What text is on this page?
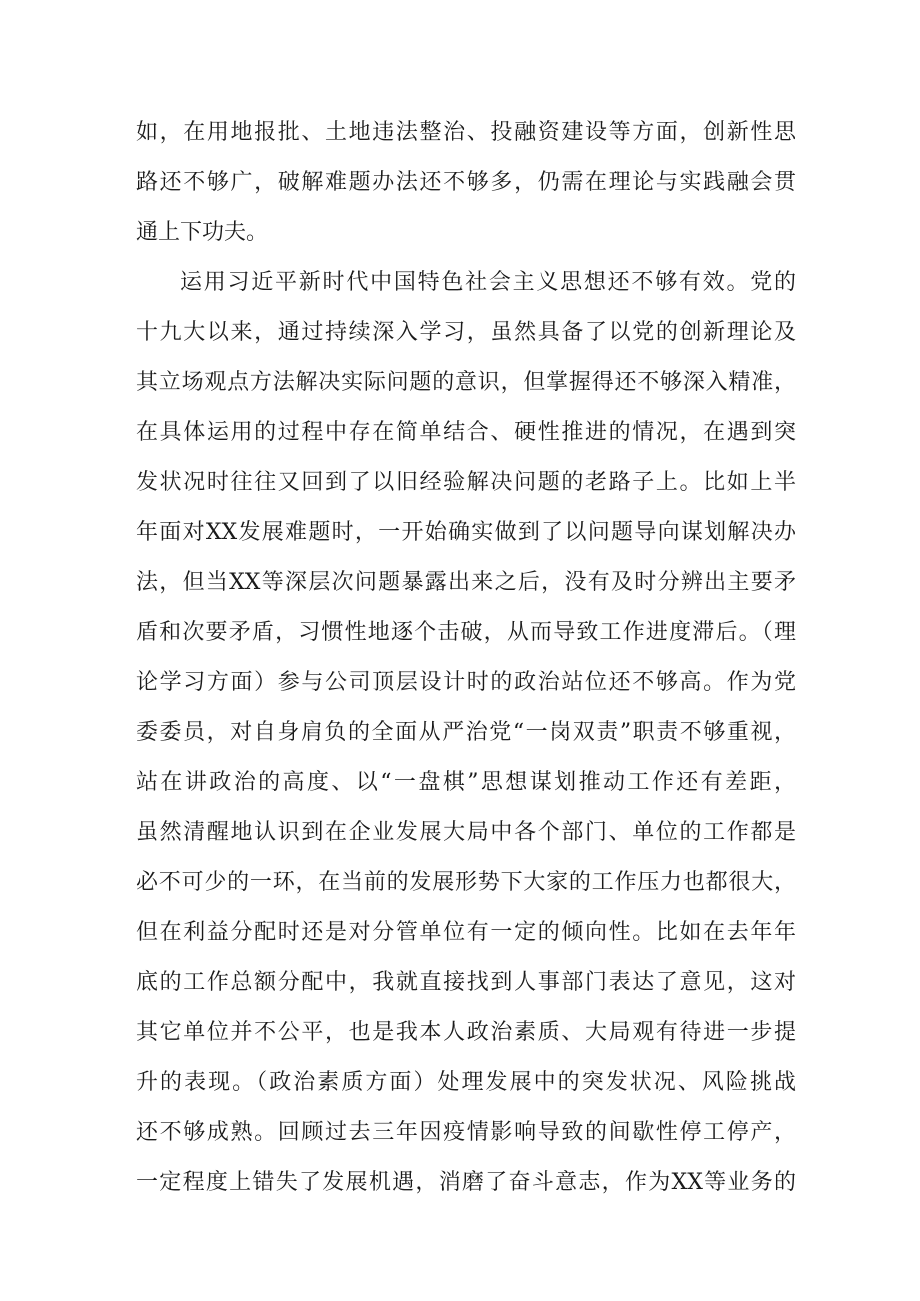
如，在用地报批、土地违法整治、投融资建设等方面，创新性思
路还不够广，破解难题办法还不够多，仍需在理论与实践融会贯
通上下功夫。
运用习近平新时代中国特色社会主义思想还不够有效。党的
十九大以来，通过持续深入学习，虽然具备了以党的创新理论及
其立场观点方法解决实际问题的意识，但掌握得还不够深入精准，
在具体运用的过程中存在简单结合、硬性推进的情况，在遇到突
发状况时往往又回到了以旧经验解决问题的老路子上。比如上半
年面对XX发展难题时，一开始确实做到了以问题导向谋划解决办
法，但当XX等深层次问题暴露出来之后，没有及时分辨出主要矛
盾和次要矛盾，习惯性地逐个击破，从而导致工作进度滞后。（理
论学习方面）参与公司顶层设计时的政治站位还不够高。作为党
委委员，对自身肩负的全面从严治党“一岗双责”职责不够重视，
站在讲政治的高度、以“一盘棋”思想谋划推动工作还有差距，
虽然清醒地认识到在企业发展大局中各个部门、单位的工作都是
必不可少的一环，在当前的发展形势下大家的工作压力也都很大，
但在利益分配时还是对分管单位有一定的倾向性。比如在去年年
底的工作总额分配中，我就直接找到人事部门表达了意见，这对
其它单位并不公平，也是我本人政治素质、大局观有待进一步提
升的表现。（政治素质方面）处理发展中的突发状况、风险挑战
还不够成熟。回顾过去三年因疫情影响导致的间歇性停工停产，
一定程度上错失了发展机遇，消磨了奋斗意志，作为XX等业务的
